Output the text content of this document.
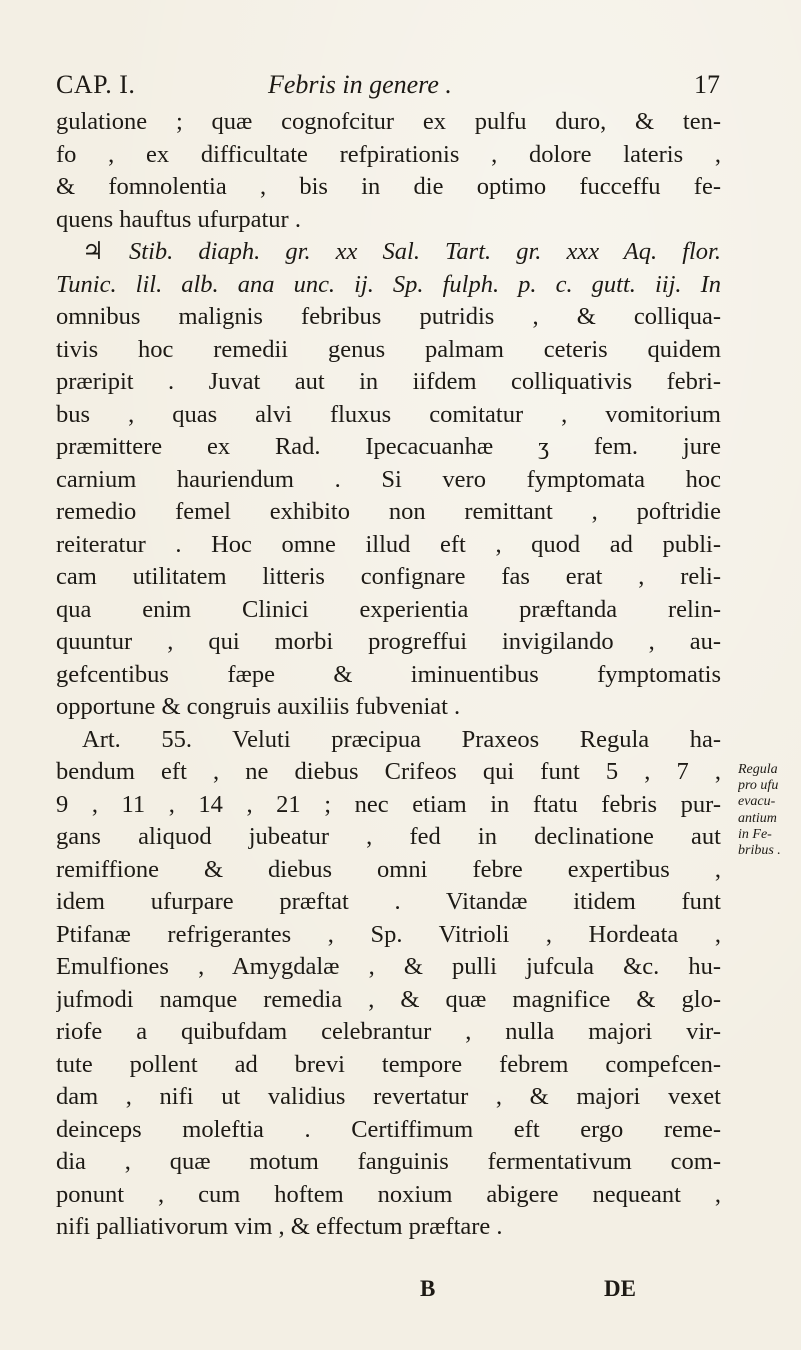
CAP. I.	Febris in genere .	17
gulatione ; quæ cognofcitur ex pulfu duro, & ten-
fo , ex difficultate refpirationis , dolore lateris ,
& fomnolentia , bis in die optimo fucceffu fe-
quens hauftus ufurpatur .
♃ Stib. diaph. gr. xx Sal. Tart. gr. xxx Aq. flor.
Tunic. lil. alb. ana unc. ij. Sp. fulph. p. c. gutt. iij. In
omnibus malignis febribus putridis , & colliqua-
tivis hoc remedii genus palmam ceteris quidem
præripit . Juvat aut in iifdem colliquativis febri-
bus , quas alvi fluxus comitatur , vomitorium
præmittere ex Rad. Ipecacuanhæ ʒ fem. jure
carnium hauriendum . Si vero fymptomata hoc
remedio femel exhibito non remittant , poftridie
reiteratur . Hoc omne illud eft , quod ad publi-
cam utilitatem litteris confignare fas erat , reli-
qua enim Clinici experientia præftanda relin-
quuntur , qui morbi progreffui invigilando , au-
gefcentibus fæpe & iminuentibus fymptomatis
opportune & congruis auxiliis fubveniat .
Art. 55. Veluti præcipua Praxeos Regula ha-
bendum eft , ne diebus Crifeos qui funt 5 , 7 ,
9 , 11 , 14 , 21 ; nec etiam in ftatu febris pur-
gans aliquod jubeatur , fed in declinatione aut
remiffione & diebus omni febre expertibus ,
idem ufurpare præftat . Vitandæ itidem funt
Ptifanæ refrigerantes , Sp. Vitrioli , Hordeata ,
Emulfiones , Amygdalæ , & pulli jufcula &c. hu-
jufmodi namque remedia , & quæ magnifice & glo-
riofe a quibufdam celebrantur , nulla majori vir-
tute pollent ad brevi tempore febrem compefcen-
dam , nifi ut validius revertatur , & majori vexet
deinceps moleftia . Certiffimum eft ergo reme-
dia , quæ motum fanguinis fermentativum com-
ponunt , cum hoftem noxium abigere nequeant ,
nifi palliativorum vim , & effectum præftare .
Regula
pro ufu
evacu-
antium
in Fe-
bribus .
B	DE
